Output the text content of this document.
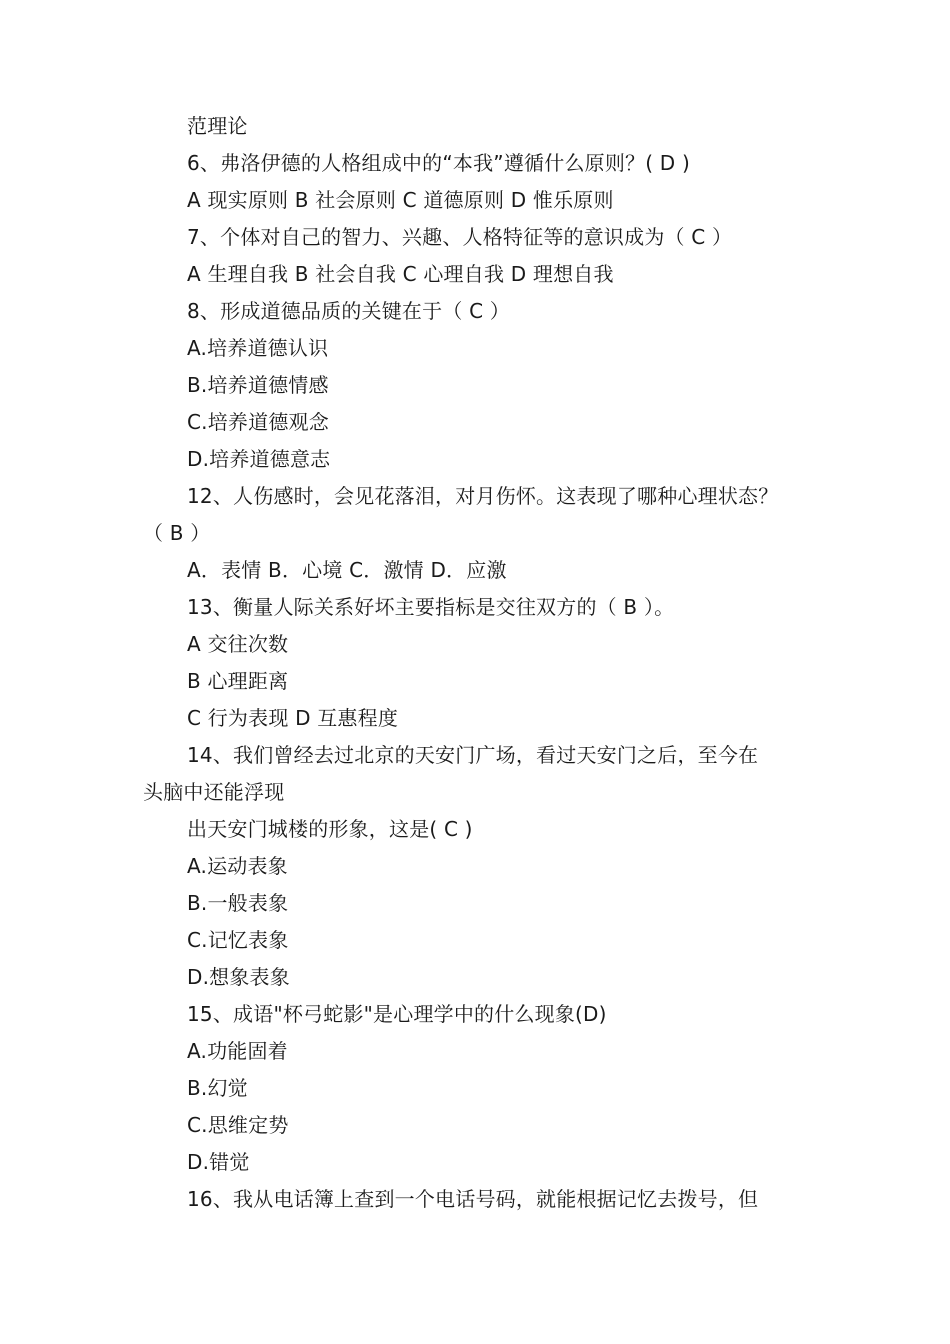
范理论
6、弗洛伊德的人格组成中的“本我”遵循什么原则？( D )
A 现实原则 B 社会原则 C 道德原则 D 惟乐原则
7、个体对自己的智力、兴趣、人格特征等的意识成为（ C ）
A 生理自我 B 社会自我 C 心理自我 D 理想自我
8、形成道德品质的关键在于（ C ）
A.培养道德认识
B.培养道德情感
C.培养道德观念
D.培养道德意志
12、人伤感时，会见花落泪，对月伤怀。这表现了哪种心理状态？
（ B ）
A．表情 B．心境 C．激情 D．应激
13、衡量人际关系好坏主要指标是交往双方的（ B ）。
A 交往次数
B 心理距离
C 行为表现 D 互惠程度
14、我们曾经去过北京的天安门广场，看过天安门之后，至今在
头脑中还能浮现
出天安门城楼的形象，这是( C )
A.运动表象
B.一般表象
C.记忆表象
D.想象表象
15、成语"杯弓蛇影"是心理学中的什么现象(D)
A.功能固着
B.幻觉
C.思维定势
D.错觉
16、我从电话簿上查到一个电话号码，就能根据记忆去拨号，但
